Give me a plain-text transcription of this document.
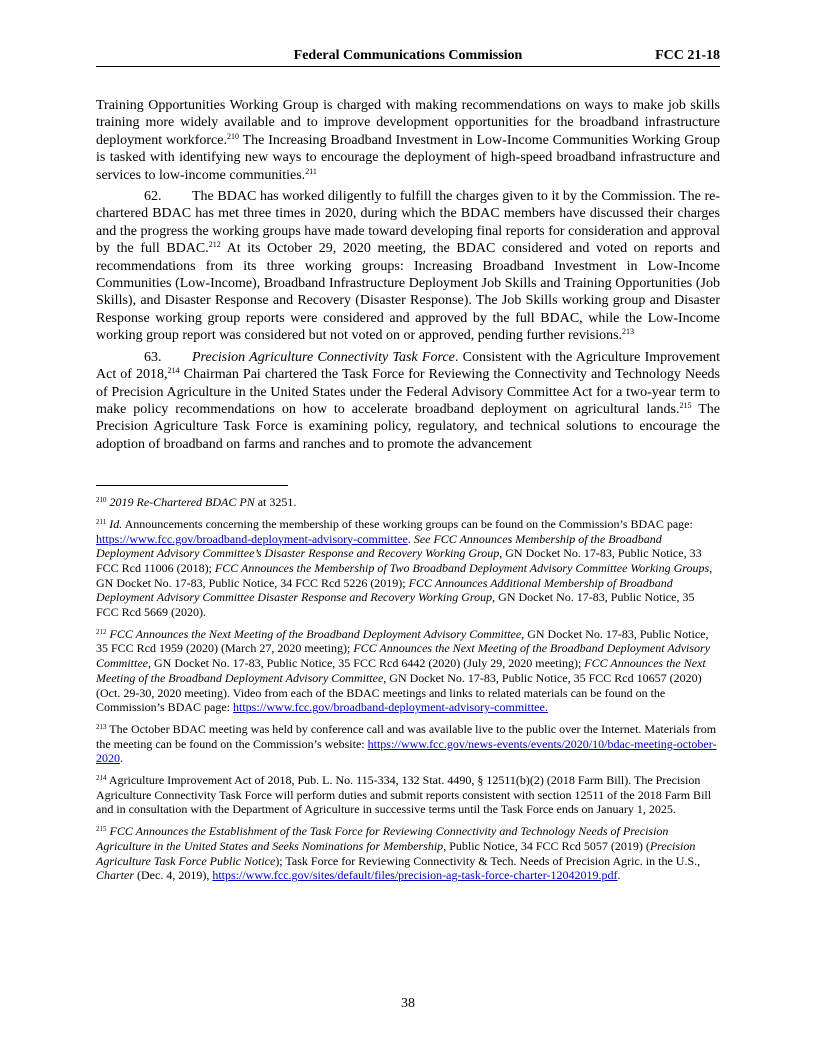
Federal Communications Commission	FCC 21-18

Training Opportunities Working Group is charged with making recommendations on ways to make job skills training more widely available and to improve development opportunities for the broadband infrastructure deployment workforce.$^{210}$ The Increasing Broadband Investment in Low-Income Communities Working Group is tasked with identifying new ways to encourage the deployment of high-speed broadband infrastructure and services to low-income communities.$^{211}$

62. The BDAC has worked diligently to fulfill the charges given to it by the Commission. The re-chartered BDAC has met three times in 2020, during which the BDAC members have discussed their charges and the progress the working groups have made toward developing final reports for consideration and approval by the full BDAC.$^{212}$ At its October 29, 2020 meeting, the BDAC considered and voted on reports and recommendations from its three working groups: Increasing Broadband Investment in Low-Income Communities (Low-Income), Broadband Infrastructure Deployment Job Skills and Training Opportunities (Job Skills), and Disaster Response and Recovery (Disaster Response). The Job Skills working group and Disaster Response working group reports were considered and approved by the full BDAC, while the Low-Income working group report was considered but not voted on or approved, pending further revisions.$^{213}$

63. Precision Agriculture Connectivity Task Force. Consistent with the Agriculture Improvement Act of 2018,$^{214}$ Chairman Pai chartered the Task Force for Reviewing the Connectivity and Technology Needs of Precision Agriculture in the United States under the Federal Advisory Committee Act for a two-year term to make policy recommendations on how to accelerate broadband deployment on agricultural lands.$^{215}$ The Precision Agriculture Task Force is examining policy, regulatory, and technical solutions to encourage the adoption of broadband on farms and ranches and to promote the advancement

$^{210}$ 2019 Re-Chartered BDAC PN at 3251.

$^{211}$ Id. Announcements concerning the membership of these working groups can be found on the Commission’s BDAC page: https://www.fcc.gov/broadband-deployment-advisory-committee. See FCC Announces Membership of the Broadband Deployment Advisory Committee’s Disaster Response and Recovery Working Group, GN Docket No. 17-83, Public Notice, 33 FCC Rcd 11006 (2018); FCC Announces the Membership of Two Broadband Deployment Advisory Committee Working Groups, GN Docket No. 17-83, Public Notice, 34 FCC Rcd 5226 (2019); FCC Announces Additional Membership of Broadband Deployment Advisory Committee Disaster Response and Recovery Working Group, GN Docket No. 17-83, Public Notice, 35 FCC Rcd 5669 (2020).

$^{212}$ FCC Announces the Next Meeting of the Broadband Deployment Advisory Committee, GN Docket No. 17-83, Public Notice, 35 FCC Rcd 1959 (2020) (March 27, 2020 meeting); FCC Announces the Next Meeting of the Broadband Deployment Advisory Committee, GN Docket No. 17-83, Public Notice, 35 FCC Rcd 6442 (2020) (July 29, 2020 meeting); FCC Announces the Next Meeting of the Broadband Deployment Advisory Committee, GN Docket No. 17-83, Public Notice, 35 FCC Rcd 10657 (2020) (Oct. 29-30, 2020 meeting). Video from each of the BDAC meetings and links to related materials can be found on the Commission’s BDAC page: https://www.fcc.gov/broadband-deployment-advisory-committee.

$^{213}$ The October BDAC meeting was held by conference call and was available live to the public over the Internet. Materials from the meeting can be found on the Commission’s website: https://www.fcc.gov/news-events/events/2020/10/bdac-meeting-october-2020.

$^{214}$ Agriculture Improvement Act of 2018, Pub. L. No. 115-334, 132 Stat. 4490, § 12511(b)(2) (2018 Farm Bill). The Precision Agriculture Connectivity Task Force will perform duties and submit reports consistent with section 12511 of the 2018 Farm Bill and in consultation with the Department of Agriculture in successive terms until the Task Force ends on January 1, 2025.

$^{215}$ FCC Announces the Establishment of the Task Force for Reviewing Connectivity and Technology Needs of Precision Agriculture in the United States and Seeks Nominations for Membership, Public Notice, 34 FCC Rcd 5057 (2019) (Precision Agriculture Task Force Public Notice); Task Force for Reviewing Connectivity & Tech. Needs of Precision Agric. in the U.S., Charter (Dec. 4, 2019), https://www.fcc.gov/sites/default/files/precision-ag-task-force-charter-12042019.pdf.

38
